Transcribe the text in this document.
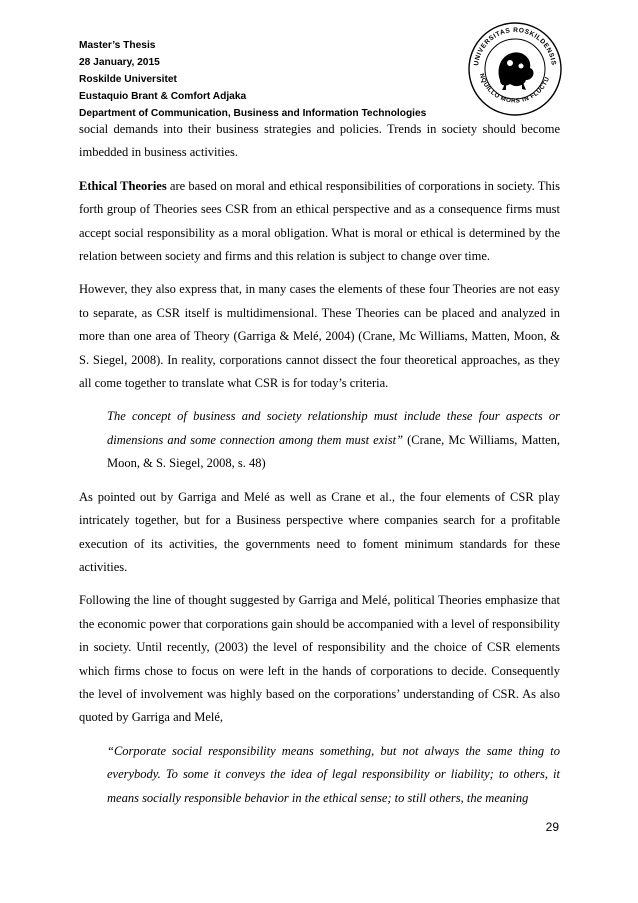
Master’s Thesis
28 January, 2015
Roskilde Universitet
Eustaquio Brant & Comfort Adjaka
Department of Communication, Business and Information Technologies
UNIVERSITAS ROSKILDENSIS
NQUILLO MORS IN FLUCTU

social demands into their business strategies and policies. Trends in society should become imbedded in business activities.

Ethical Theories are based on moral and ethical responsibilities of corporations in society. This forth group of Theories sees CSR from an ethical perspective and as a consequence firms must accept social responsibility as a moral obligation. What is moral or ethical is determined by the relation between society and firms and this relation is subject to change over time.

However, they also express that, in many cases the elements of these four Theories are not easy to separate, as CSR itself is multidimensional. These Theories can be placed and analyzed in more than one area of Theory (Garriga & Melé, 2004) (Crane, Mc Williams, Matten, Moon, & S. Siegel, 2008). In reality, corporations cannot dissect the four theoretical approaches, as they all come together to translate what CSR is for today’s criteria.

The concept of business and society relationship must include these four aspects or dimensions and some connection among them must exist” (Crane, Mc Williams, Matten, Moon, & S. Siegel, 2008, s. 48)

As pointed out by Garriga and Melé as well as Crane et al., the four elements of CSR play intricately together, but for a Business perspective where companies search for a profitable execution of its activities, the governments need to foment minimum standards for these activities.

Following the line of thought suggested by Garriga and Melé, political Theories emphasize that the economic power that corporations gain should be accompanied with a level of responsibility in society. Until recently, (2003) the level of responsibility and the choice of CSR elements which firms chose to focus on were left in the hands of corporations to decide. Consequently the level of involvement was highly based on the corporations’ understanding of CSR. As also quoted by Garriga and Melé,

“Corporate social responsibility means something, but not always the same thing to everybody. To some it conveys the idea of legal responsibility or liability; to others, it means socially responsible behavior in the ethical sense; to still others, the meaning

29
